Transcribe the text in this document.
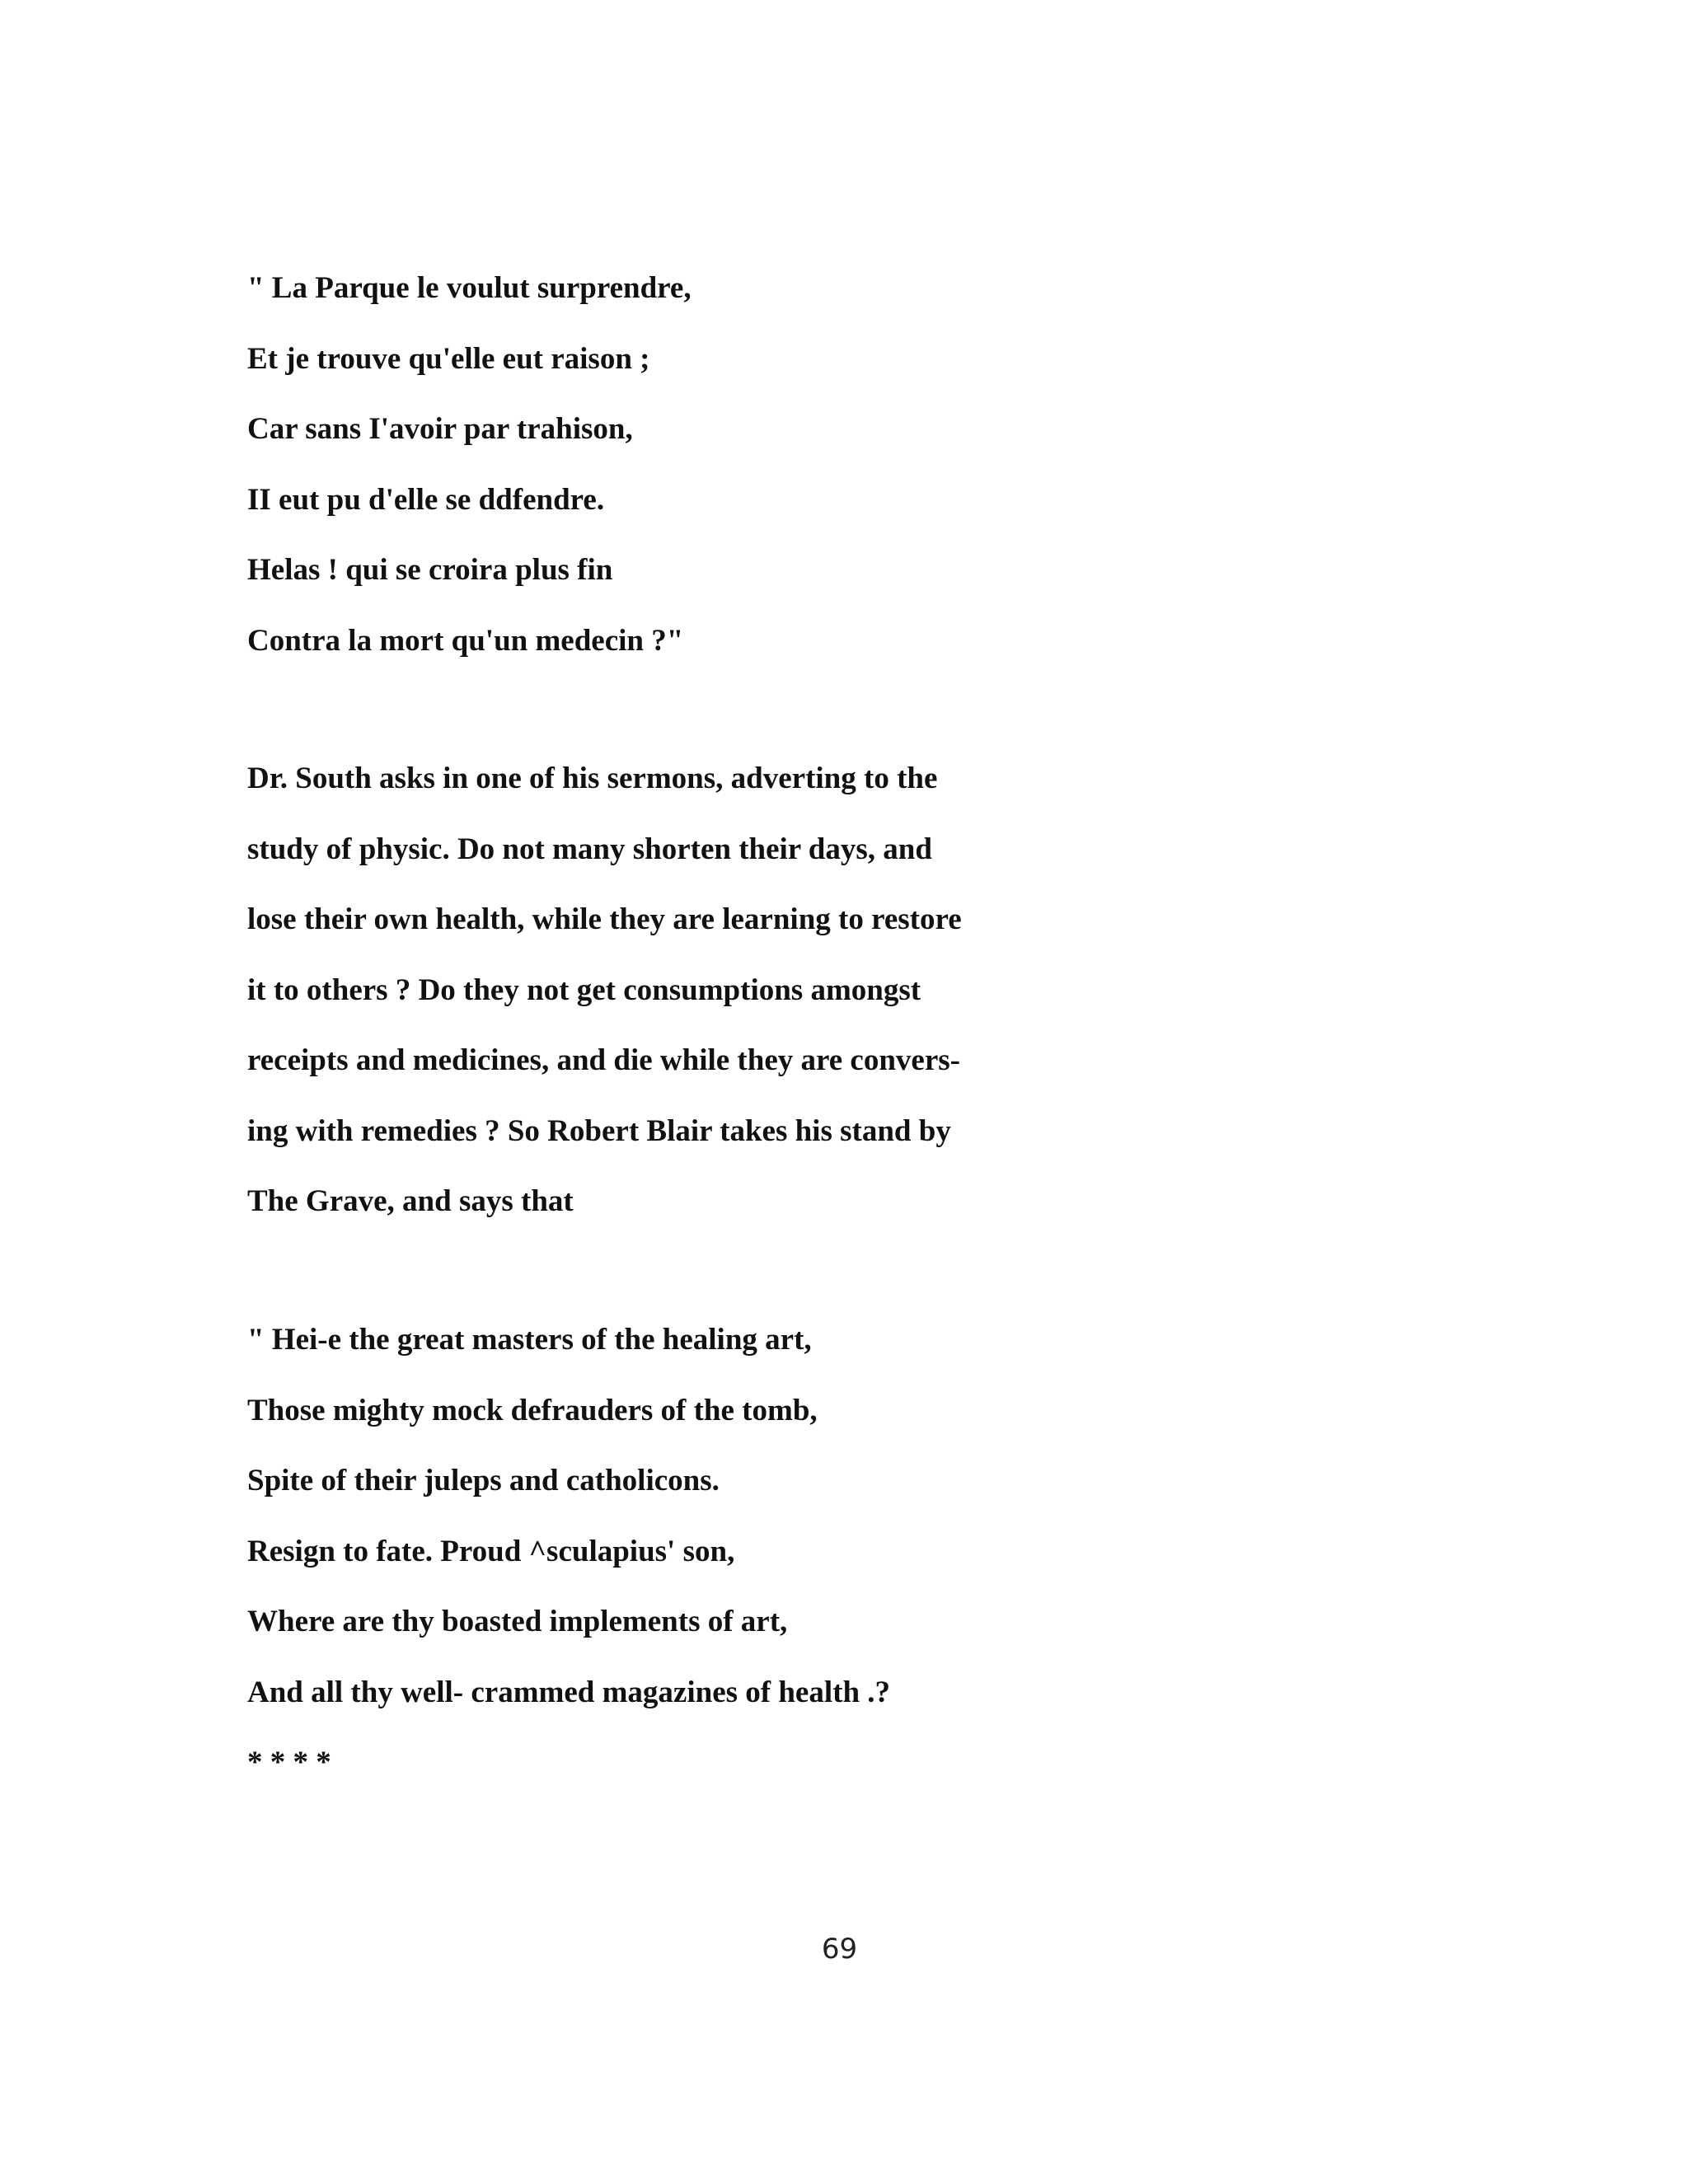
" La Parque le voulut surprendre,
Et je trouve qu'elle eut raison ;
Car sans I'avoir par trahison,
II eut pu d'elle se ddfendre.
Helas ! qui se croira plus fin
Contra la mort qu'un medecin ?"
Dr. South asks in one of his sermons, adverting to the
study of physic. Do not many shorten their days, and
lose their own health, while they are learning to restore
it to others ? Do they not get consumptions amongst
receipts and medicines, and die while they are convers-
ing with remedies ? So Robert Blair takes his stand by
The Grave, and says that
" Hei-e the great masters of the healing art,
Those mighty mock defrauders of the tomb,
Spite of their juleps and catholicons.
Resign to fate. Proud ^sculapius' son,
Where are thy boasted implements of art,
And all thy well- crammed magazines of health .?
* * * *
69
